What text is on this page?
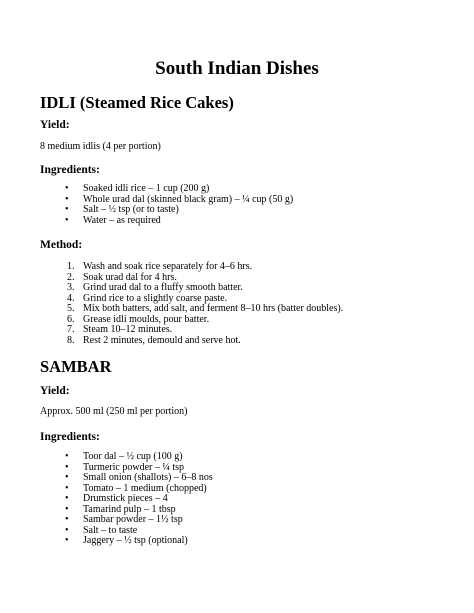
South Indian Dishes
IDLI (Steamed Rice Cakes)
Yield:

8 medium idlis (4 per portion)

Ingredients:
• Soaked idli rice – 1 cup (200 g)
• Whole urad dal (skinned black gram) – ¼ cup (50 g)
• Salt – ½ tsp (or to taste)
• Water – as required
Method:
1. Wash and soak rice separately for 4–6 hrs.
2. Soak urad dal for 4 hrs.
3. Grind urad dal to a fluffy smooth batter.
4. Grind rice to a slightly coarse paste.
5. Mix both batters, add salt, and ferment 8–10 hrs (batter doubles).
6. Grease idli moulds, pour batter.
7. Steam 10–12 minutes.
8. Rest 2 minutes, demould and serve hot.
SAMBAR
Yield:

Approx. 500 ml (250 ml per portion)

Ingredients:
• Toor dal – ½ cup (100 g)
• Turmeric powder – ¼ tsp
• Small onion (shallots) – 6–8 nos
• Tomato – 1 medium (chopped)
• Drumstick pieces – 4
• Tamarind pulp – 1 tbsp
• Sambar powder – 1½ tsp
• Salt – to taste
• Jaggery – ½ tsp (optional)
